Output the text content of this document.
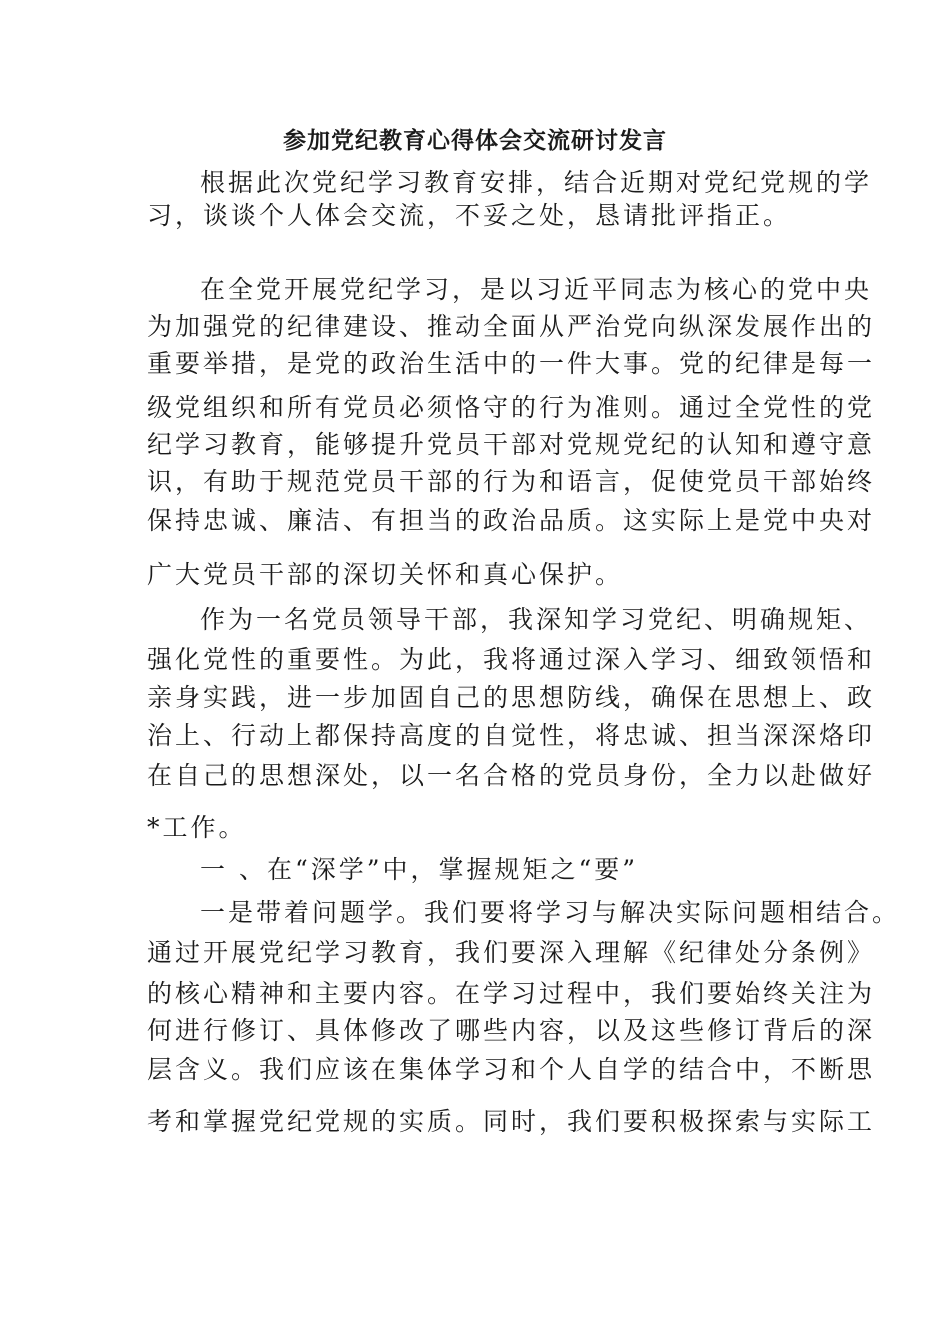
参加党纪教育心得体会交流研讨发言
根据此次党纪学习教育安排，结合近期对党纪党规的学
习，谈谈个人体会交流，不妥之处，恳请批评指正。
在全党开展党纪学习，是以习近平同志为核心的党中央
为加强党的纪律建设、推动全面从严治党向纵深发展作出的
重要举措，是党的政治生活中的一件大事。党的纪律是每一
级党组织和所有党员必须恪守的行为准则。通过全党性的党
纪学习教育，能够提升党员干部对党规党纪的认知和遵守意
识，有助于规范党员干部的行为和语言，促使党员干部始终
保持忠诚、廉洁、有担当的政治品质。这实际上是党中央对
广大党员干部的深切关怀和真心保护。
作为一名党员领导干部，我深知学习党纪、明确规矩、
强化党性的重要性。为此，我将通过深入学习、细致领悟和
亲身实践，进一步加固自己的思想防线，确保在思想上、政
治上、行动上都保持高度的自觉性，将忠诚、担当深深烙印
在自己的思想深处，以一名合格的党员身份，全力以赴做好
*工作。
一 、在“深学”中，掌握规矩之“要”
一是带着问题学。我们要将学习与解决实际问题相结合。
通过开展党纪学习教育，我们要深入理解《纪律处分条例》
的核心精神和主要内容。在学习过程中，我们要始终关注为
何进行修订、具体修改了哪些内容，以及这些修订背后的深
层含义。我们应该在集体学习和个人自学的结合中，不断思
考和掌握党纪党规的实质。同时，我们要积极探索与实际工
